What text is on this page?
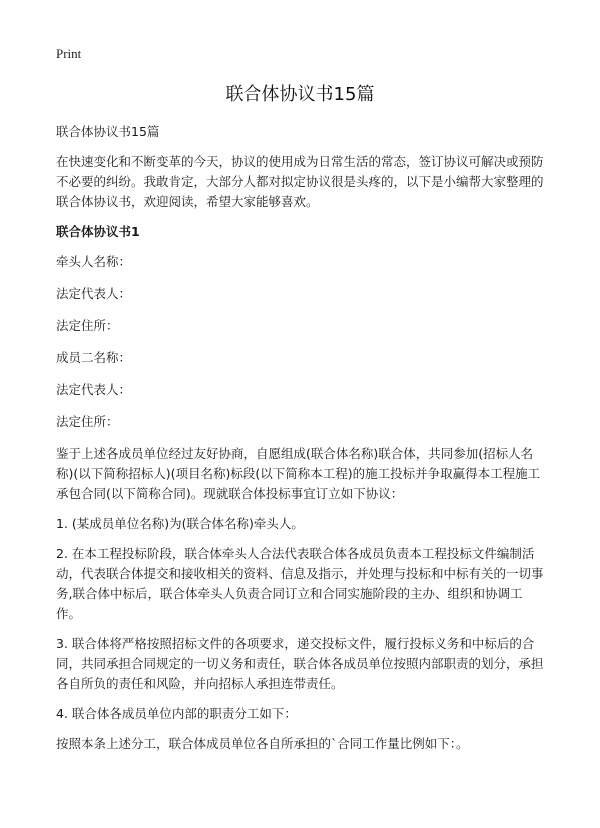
Print
联合体协议书15篇

联合体协议书15篇

在快速变化和不断变革的今天，协议的使用成为日常生活的常态，签订协议可解决或预防不必要的纠纷。我敢肯定，大部分人都对拟定协议很是头疼的，以下是小编帮大家整理的联合体协议书，欢迎阅读，希望大家能够喜欢。

联合体协议书1

牵头人名称：

法定代表人：

法定住所：

成员二名称：

法定代表人：

法定住所：

鉴于上述各成员单位经过友好协商，自愿组成(联合体名称)联合体，共同参加(招标人名称)(以下简称招标人)(项目名称)标段(以下简称本工程)的施工投标并争取赢得本工程施工承包合同(以下简称合同)。现就联合体投标事宜订立如下协议：

1. (某成员单位名称)为(联合体名称)牵头人。

2. 在本工程投标阶段，联合体牵头人合法代表联合体各成员负责本工程投标文件编制活动，代表联合体提交和接收相关的资料、信息及指示，并处理与投标和中标有关的一切事务,联合体中标后，联合体牵头人负责合同订立和合同实施阶段的主办、组织和协调工作。

3. 联合体将严格按照招标文件的各项要求，递交投标文件，履行投标义务和中标后的合同，共同承担合同规定的一切义务和责任，联合体各成员单位按照内部职责的划分，承担各自所负的责任和风险，并向招标人承担连带责任。

4. 联合体各成员单位内部的职责分工如下：

按照本条上述分工，联合体成员单位各自所承担的`合同工作量比例如下：。
